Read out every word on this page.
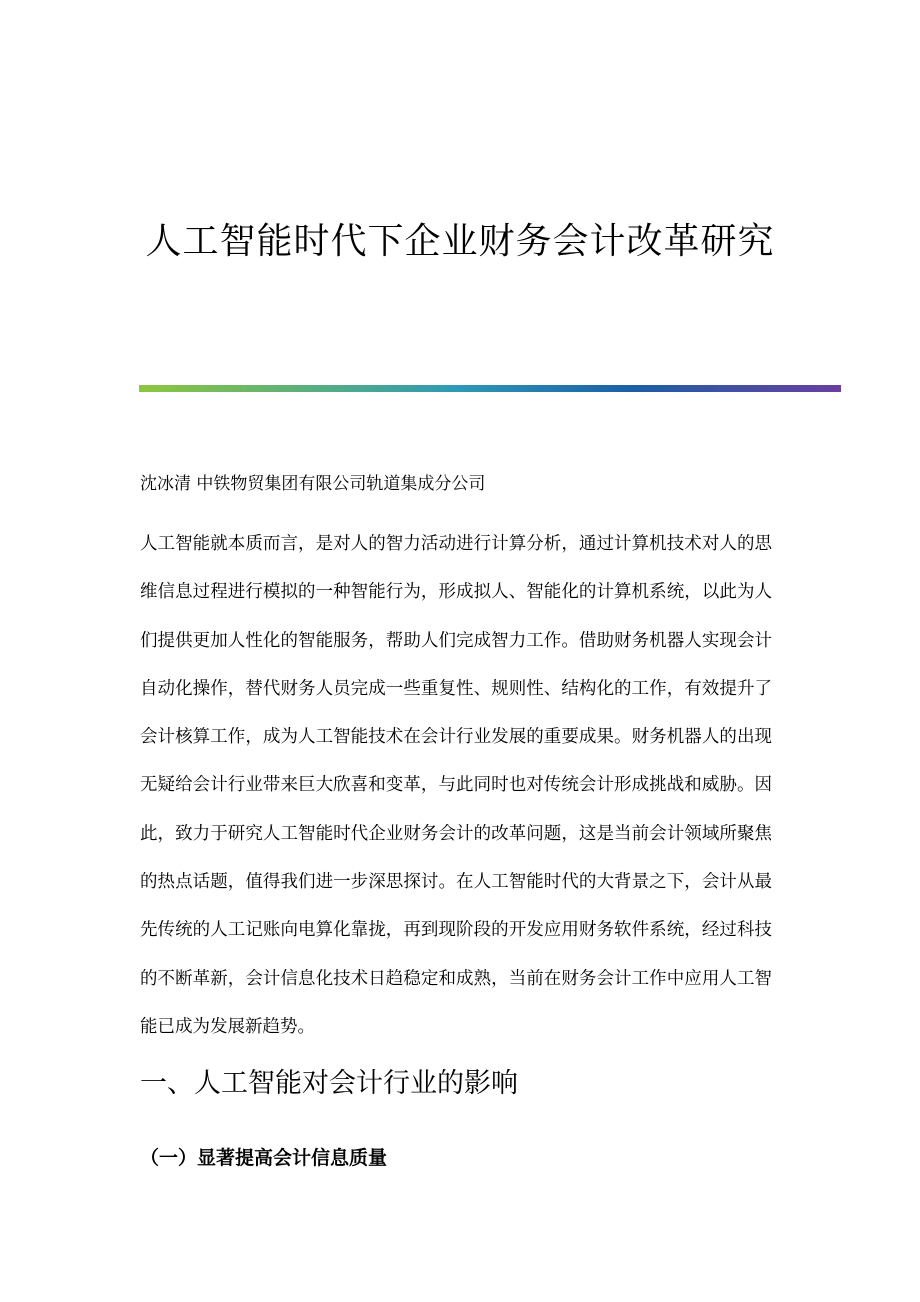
人工智能时代下企业财务会计改革研究
沈冰清 中铁物贸集团有限公司轨道集成分公司

人工智能就本质而言，是对人的智力活动进行计算分析，通过计算机技术对人的思维信息过程进行模拟的一种智能行为，形成拟人、智能化的计算机系统，以此为人们提供更加人性化的智能服务，帮助人们完成智力工作。借助财务机器人实现会计自动化操作，替代财务人员完成一些重复性、规则性、结构化的工作，有效提升了会计核算工作，成为人工智能技术在会计行业发展的重要成果。财务机器人的出现无疑给会计行业带来巨大欣喜和变革，与此同时也对传统会计形成挑战和威胁。因此，致力于研究人工智能时代企业财务会计的改革问题，这是当前会计领域所聚焦的热点话题，值得我们进一步深思探讨。在人工智能时代的大背景之下，会计从最先传统的人工记账向电算化靠拢，再到现阶段的开发应用财务软件系统，经过科技的不断革新，会计信息化技术日趋稳定和成熟，当前在财务会计工作中应用人工智能已成为发展新趋势。

一、人工智能对会计行业的影响
（一）显著提高会计信息质量
